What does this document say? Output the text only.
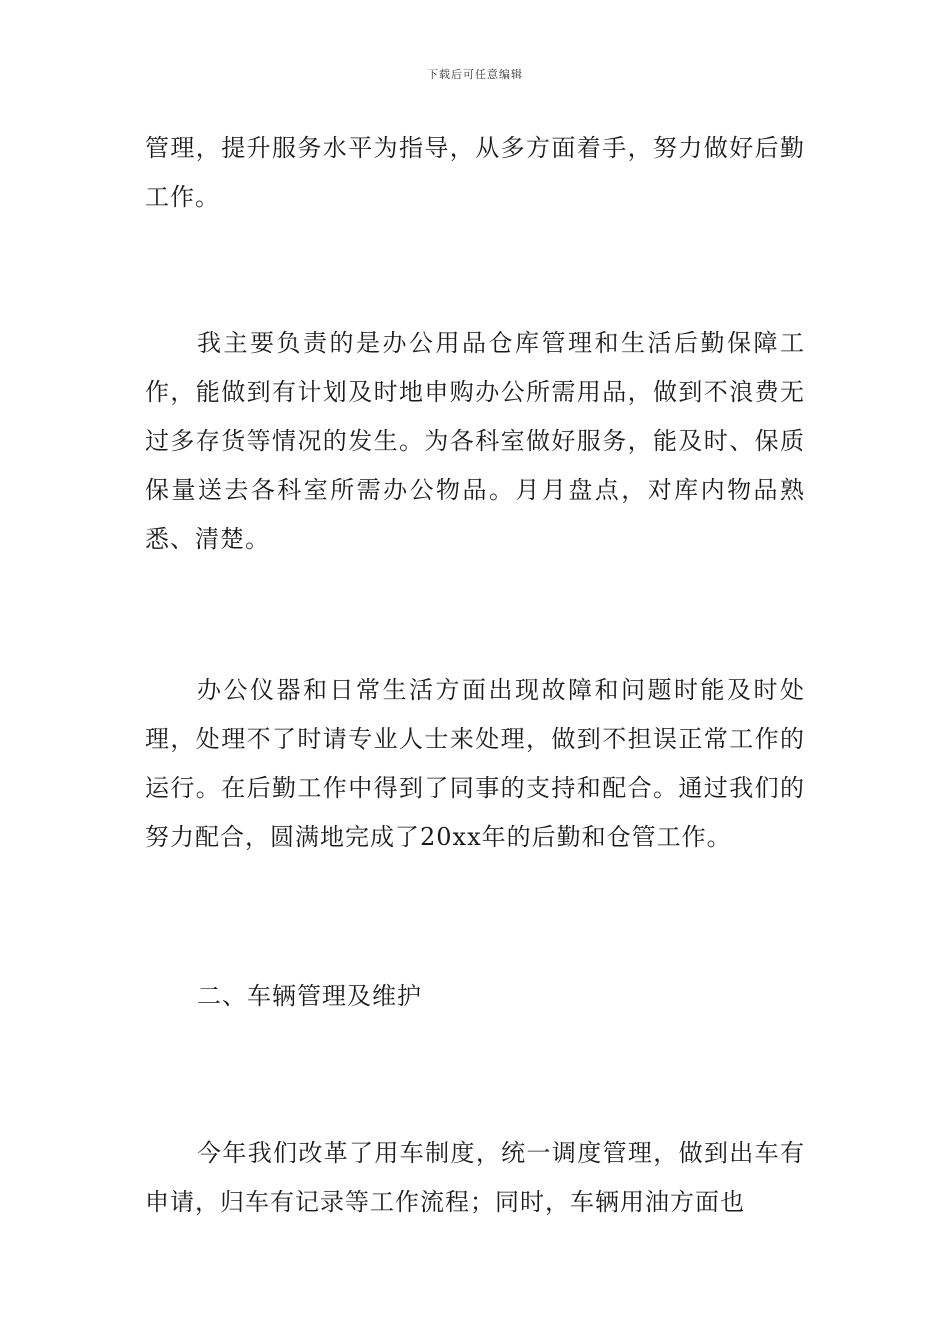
下载后可任意编辑

管理，提升服务水平为指导，从多方面着手，努力做好后勤工作。

我主要负责的是办公用品仓库管理和生活后勤保障工作，能做到有计划及时地申购办公所需用品，做到不浪费无过多存货等情况的发生。为各科室做好服务，能及时、保质保量送去各科室所需办公物品。月月盘点，对库内物品熟悉、清楚。

办公仪器和日常生活方面出现故障和问题时能及时处理，处理不了时请专业人士来处理，做到不担误正常工作的运行。在后勤工作中得到了同事的支持和配合。通过我们的努力配合，圆满地完成了20xx年的后勤和仓管工作。

二、车辆管理及维护

今年我们改革了用车制度，统一调度管理，做到出车有申请，归车有记录等工作流程；同时，车辆用油方面也
